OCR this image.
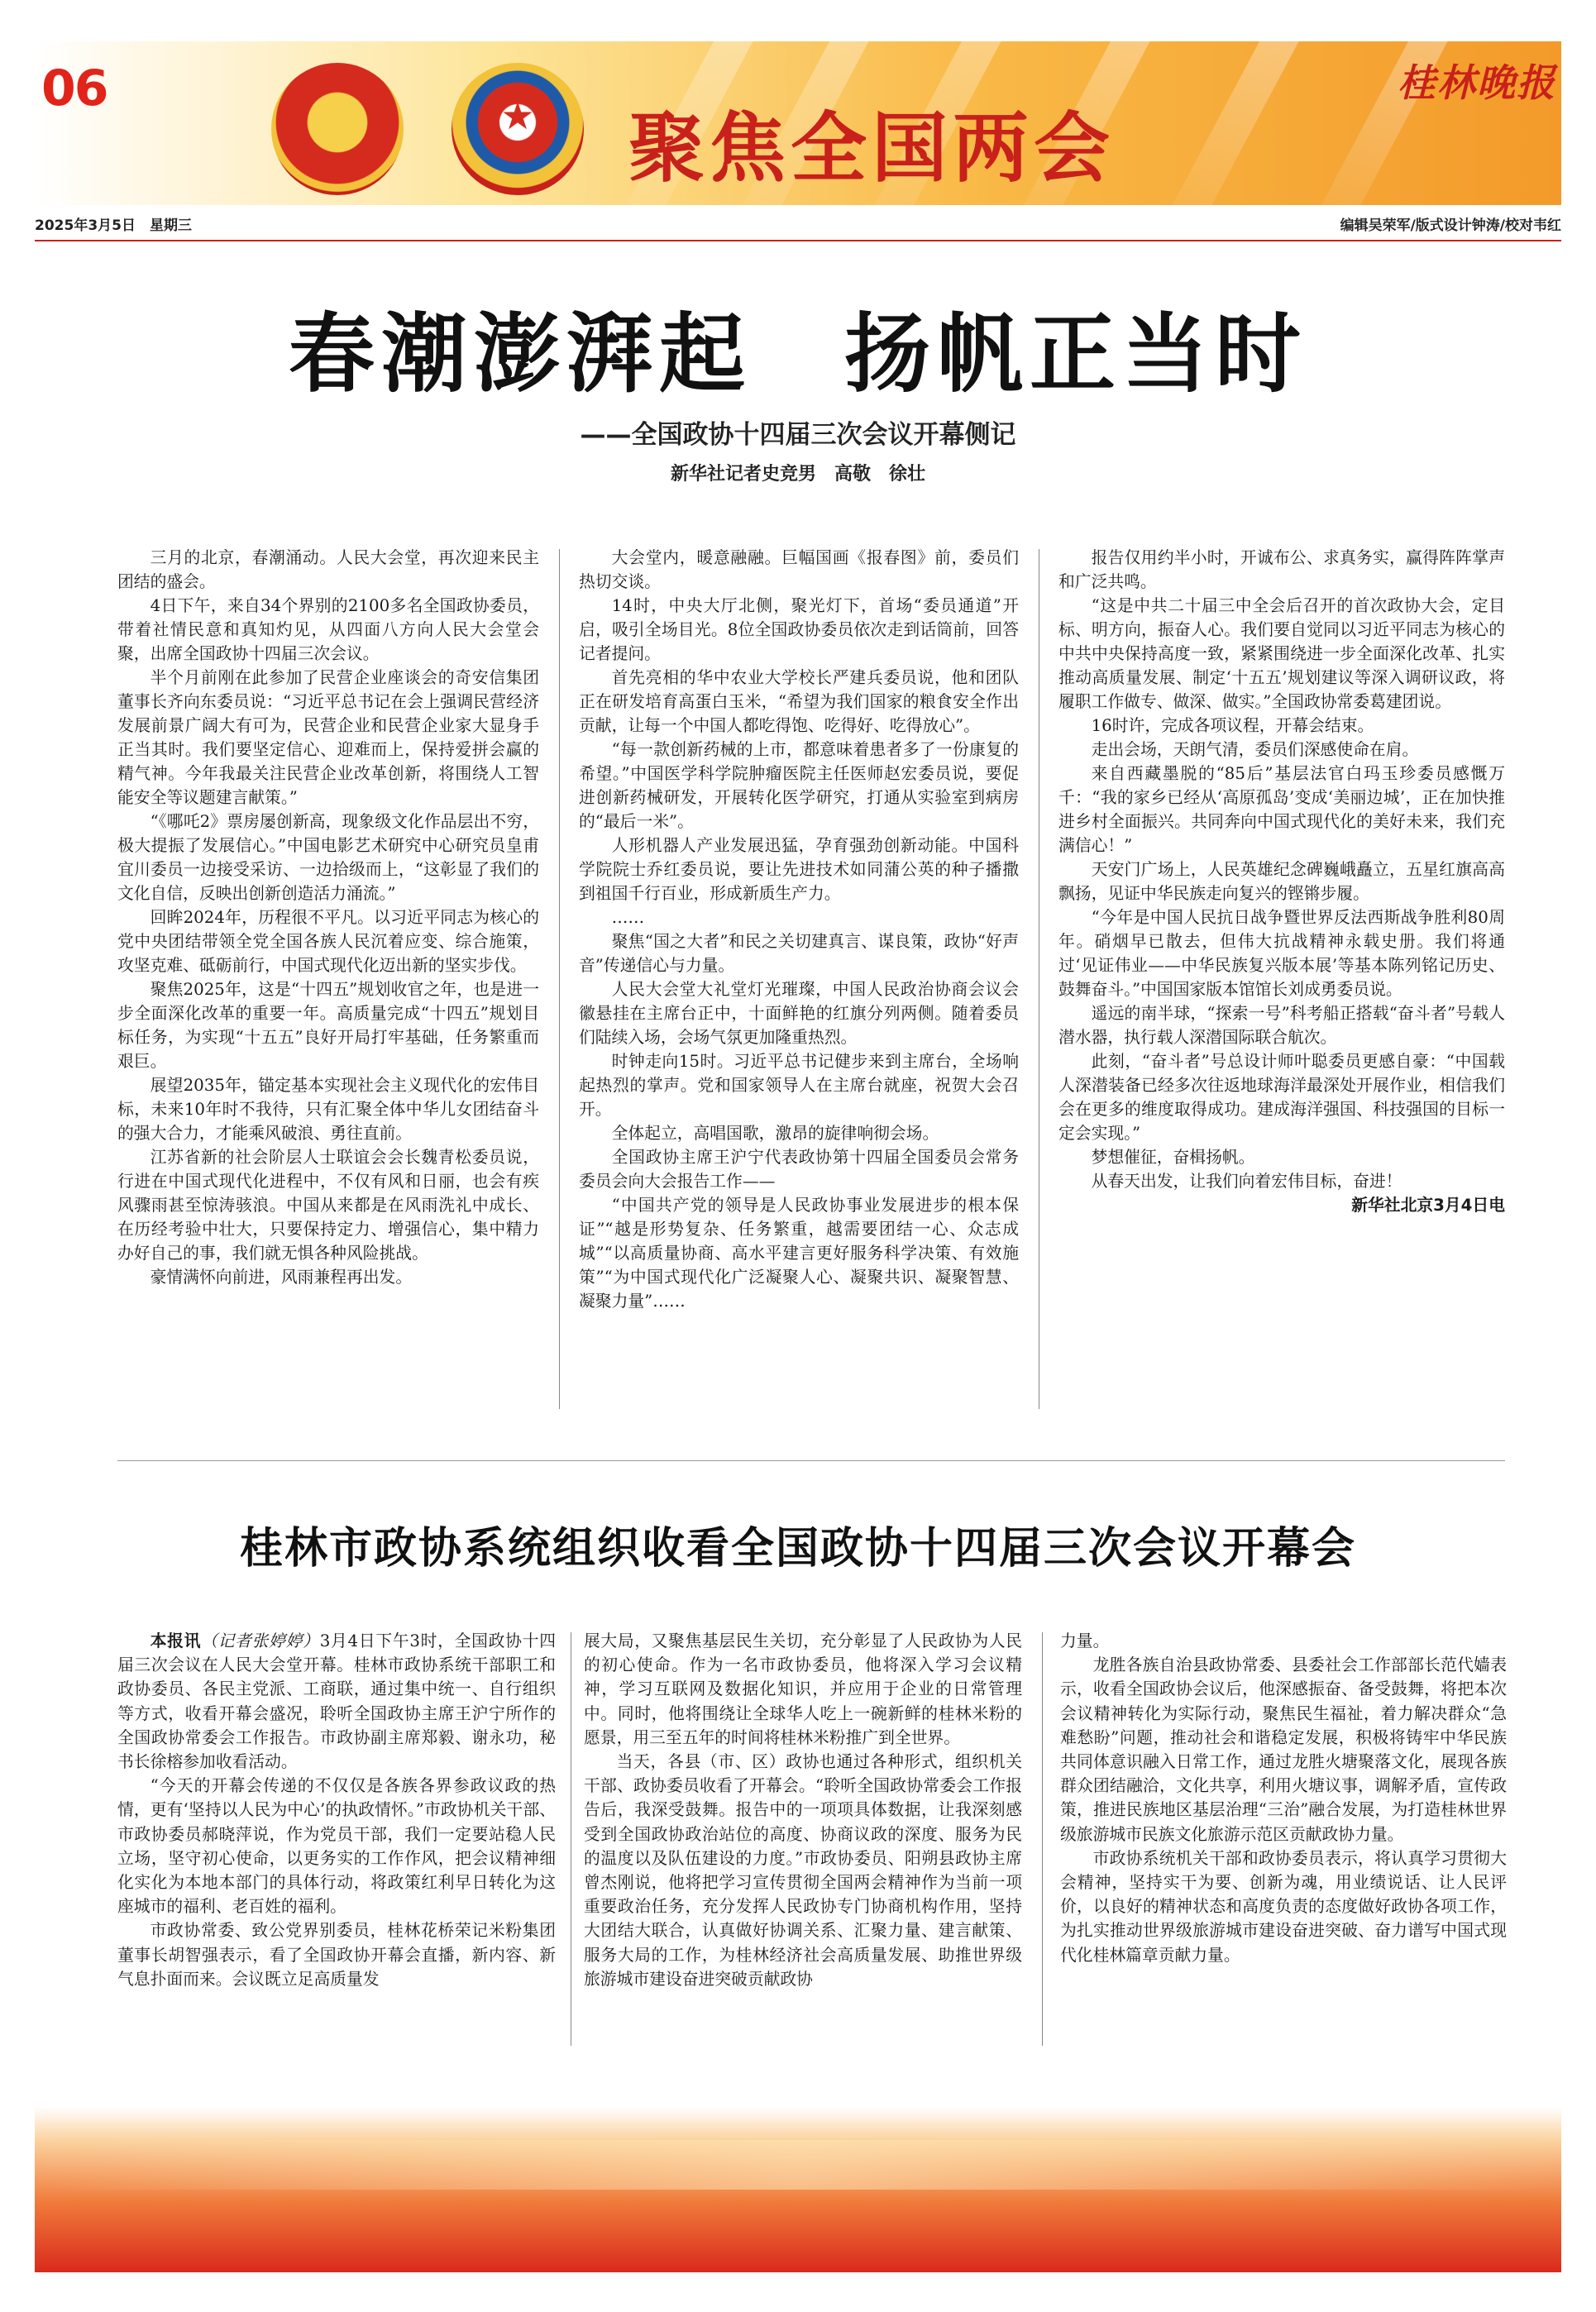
06	★	★ 聚焦全国两会
桂林晚报
2025年3月5日　星期三	编辑吴荣军/版式设计钟涛/校对韦红
春潮澎湃起　扬帆正当时
——全国政协十四届三次会议开幕侧记
新华社记者史竞男　高敬　徐壮

三月的北京，春潮涌动。人民大会堂，再次迎来民主团结的盛会。

4日下午，来自34个界别的2100多名全国政协委员，带着社情民意和真知灼见，从四面八方向人民大会堂会聚，出席全国政协十四届三次会议。

半个月前刚在此参加了民营企业座谈会的奇安信集团董事长齐向东委员说：“习近平总书记在会上强调民营经济发展前景广阔大有可为，民营企业和民营企业家大显身手正当其时。我们要坚定信心、迎难而上，保持爱拼会赢的精气神。今年我最关注民营企业改革创新，将围绕人工智能安全等议题建言献策。”

“《哪吒2》票房屡创新高，现象级文化作品层出不穷，极大提振了发展信心。”中国电影艺术研究中心研究员皇甫宜川委员一边接受采访、一边拾级而上，“这彰显了我们的文化自信，反映出创新创造活力涌流。”

回眸2024年，历程很不平凡。以习近平同志为核心的党中央团结带领全党全国各族人民沉着应变、综合施策，攻坚克难、砥砺前行，中国式现代化迈出新的坚实步伐。

聚焦2025年，这是“十四五”规划收官之年，也是进一步全面深化改革的重要一年。高质量完成“十四五”规划目标任务，为实现“十五五”良好开局打牢基础，任务繁重而艰巨。

展望2035年，锚定基本实现社会主义现代化的宏伟目标，未来10年时不我待，只有汇聚全体中华儿女团结奋斗的强大合力，才能乘风破浪、勇往直前。

江苏省新的社会阶层人士联谊会会长魏青松委员说，行进在中国式现代化进程中，不仅有风和日丽，也会有疾风骤雨甚至惊涛骇浪。中国从来都是在风雨洗礼中成长、在历经考验中壮大，只要保持定力、增强信心，集中精力办好自己的事，我们就无惧各种风险挑战。

豪情满怀向前进，风雨兼程再出发。

大会堂内，暖意融融。巨幅国画《报春图》前，委员们热切交谈。

14时，中央大厅北侧，聚光灯下，首场“委员通道”开启，吸引全场目光。8位全国政协委员依次走到话筒前，回答记者提问。

首先亮相的华中农业大学校长严建兵委员说，他和团队正在研发培育高蛋白玉米，“希望为我们国家的粮食安全作出贡献，让每一个中国人都吃得饱、吃得好、吃得放心”。

“每一款创新药械的上市，都意味着患者多了一份康复的希望。”中国医学科学院肿瘤医院主任医师赵宏委员说，要促进创新药械研发，开展转化医学研究，打通从实验室到病房的“最后一米”。

人形机器人产业发展迅猛，孕育强劲创新动能。中国科学院院士乔红委员说，要让先进技术如同蒲公英的种子播撒到祖国千行百业，形成新质生产力。

……

聚焦“国之大者”和民之关切建真言、谋良策，政协“好声音”传递信心与力量。

人民大会堂大礼堂灯光璀璨，中国人民政治协商会议会徽悬挂在主席台正中，十面鲜艳的红旗分列两侧。随着委员们陆续入场，会场气氛更加隆重热烈。

时钟走向15时。习近平总书记健步来到主席台，全场响起热烈的掌声。党和国家领导人在主席台就座，祝贺大会召开。

全体起立，高唱国歌，激昂的旋律响彻会场。

全国政协主席王沪宁代表政协第十四届全国委员会常务委员会向大会报告工作——

“中国共产党的领导是人民政协事业发展进步的根本保证”“越是形势复杂、任务繁重，越需要团结一心、众志成城”“以高质量协商、高水平建言更好服务科学决策、有效施策”“为中国式现代化广泛凝聚人心、凝聚共识、凝聚智慧、凝聚力量”……

报告仅用约半小时，开诚布公、求真务实，赢得阵阵掌声和广泛共鸣。

“这是中共二十届三中全会后召开的首次政协大会，定目标、明方向，振奋人心。我们要自觉同以习近平同志为核心的中共中央保持高度一致，紧紧围绕进一步全面深化改革、扎实推动高质量发展、制定‘十五五’规划建议等深入调研议政，将履职工作做专、做深、做实。”全国政协常委葛建团说。

16时许，完成各项议程，开幕会结束。

走出会场，天朗气清，委员们深感使命在肩。

来自西藏墨脱的“85后”基层法官白玛玉珍委员感慨万千：“我的家乡已经从‘高原孤岛’变成‘美丽边城’，正在加快推进乡村全面振兴。共同奔向中国式现代化的美好未来，我们充满信心！”

天安门广场上，人民英雄纪念碑巍峨矗立，五星红旗高高飘扬，见证中华民族走向复兴的铿锵步履。

“今年是中国人民抗日战争暨世界反法西斯战争胜利80周年。硝烟早已散去，但伟大抗战精神永载史册。我们将通过‘见证伟业——中华民族复兴版本展’等基本陈列铭记历史、鼓舞奋斗。”中国国家版本馆馆长刘成勇委员说。

遥远的南半球，“探索一号”科考船正搭载“奋斗者”号载人潜水器，执行载人深潜国际联合航次。

此刻，“奋斗者”号总设计师叶聪委员更感自豪：“中国载人深潜装备已经多次往返地球海洋最深处开展作业，相信我们会在更多的维度取得成功。建成海洋强国、科技强国的目标一定会实现。”

梦想催征，奋楫扬帆。

从春天出发，让我们向着宏伟目标，奋进！

新华社北京3月4日电

桂林市政协系统组织收看全国政协十四届三次会议开幕会

本报讯（记者张婷婷）3月4日下午3时，全国政协十四届三次会议在人民大会堂开幕。桂林市政协系统干部职工和政协委员、各民主党派、工商联，通过集中统一、自行组织等方式，收看开幕会盛况，聆听全国政协主席王沪宁所作的全国政协常委会工作报告。市政协副主席郑毅、谢永功，秘书长徐榕参加收看活动。

“今天的开幕会传递的不仅仅是各族各界参政议政的热情，更有‘坚持以人民为中心’的执政情怀。”市政协机关干部、市政协委员郝晓萍说，作为党员干部，我们一定要站稳人民立场，坚守初心使命，以更务实的工作作风，把会议精神细化实化为本地本部门的具体行动，将政策红利早日转化为这座城市的福利、老百姓的福利。

市政协常委、致公党界别委员，桂林花桥荣记米粉集团董事长胡智强表示，看了全国政协开幕会直播，新内容、新气息扑面而来。会议既立足高质量发

展大局，又聚焦基层民生关切，充分彰显了人民政协为人民的初心使命。作为一名市政协委员，他将深入学习会议精神，学习互联网及数据化知识，并应用于企业的日常管理中。同时，他将围绕让全球华人吃上一碗新鲜的桂林米粉的愿景，用三至五年的时间将桂林米粉推广到全世界。

当天，各县（市、区）政协也通过各种形式，组织机关干部、政协委员收看了开幕会。“聆听全国政协常委会工作报告后，我深受鼓舞。报告中的一项项具体数据，让我深刻感受到全国政协政治站位的高度、协商议政的深度、服务为民的温度以及队伍建设的力度。”市政协委员、阳朔县政协主席曾杰刚说，他将把学习宣传贯彻全国两会精神作为当前一项重要政治任务，充分发挥人民政协专门协商机构作用，坚持大团结大联合，认真做好协调关系、汇聚力量、建言献策、服务大局的工作，为桂林经济社会高质量发展、助推世界级旅游城市建设奋进突破贡献政协

力量。

龙胜各族自治县政协常委、县委社会工作部部长范代嫱表示，收看全国政协会议后，他深感振奋、备受鼓舞，将把本次会议精神转化为实际行动，聚焦民生福祉，着力解决群众“急难愁盼”问题，推动社会和谐稳定发展，积极将铸牢中华民族共同体意识融入日常工作，通过龙胜火塘聚落文化，展现各族群众团结融洽，文化共享，利用火塘议事，调解矛盾，宣传政策，推进民族地区基层治理“三治”融合发展，为打造桂林世界级旅游城市民族文化旅游示范区贡献政协力量。

市政协系统机关干部和政协委员表示，将认真学习贯彻大会精神，坚持实干为要、创新为魂，用业绩说话、让人民评价，以良好的精神状态和高度负责的态度做好政协各项工作，为扎实推动世界级旅游城市建设奋进突破、奋力谱写中国式现代化桂林篇章贡献力量。
